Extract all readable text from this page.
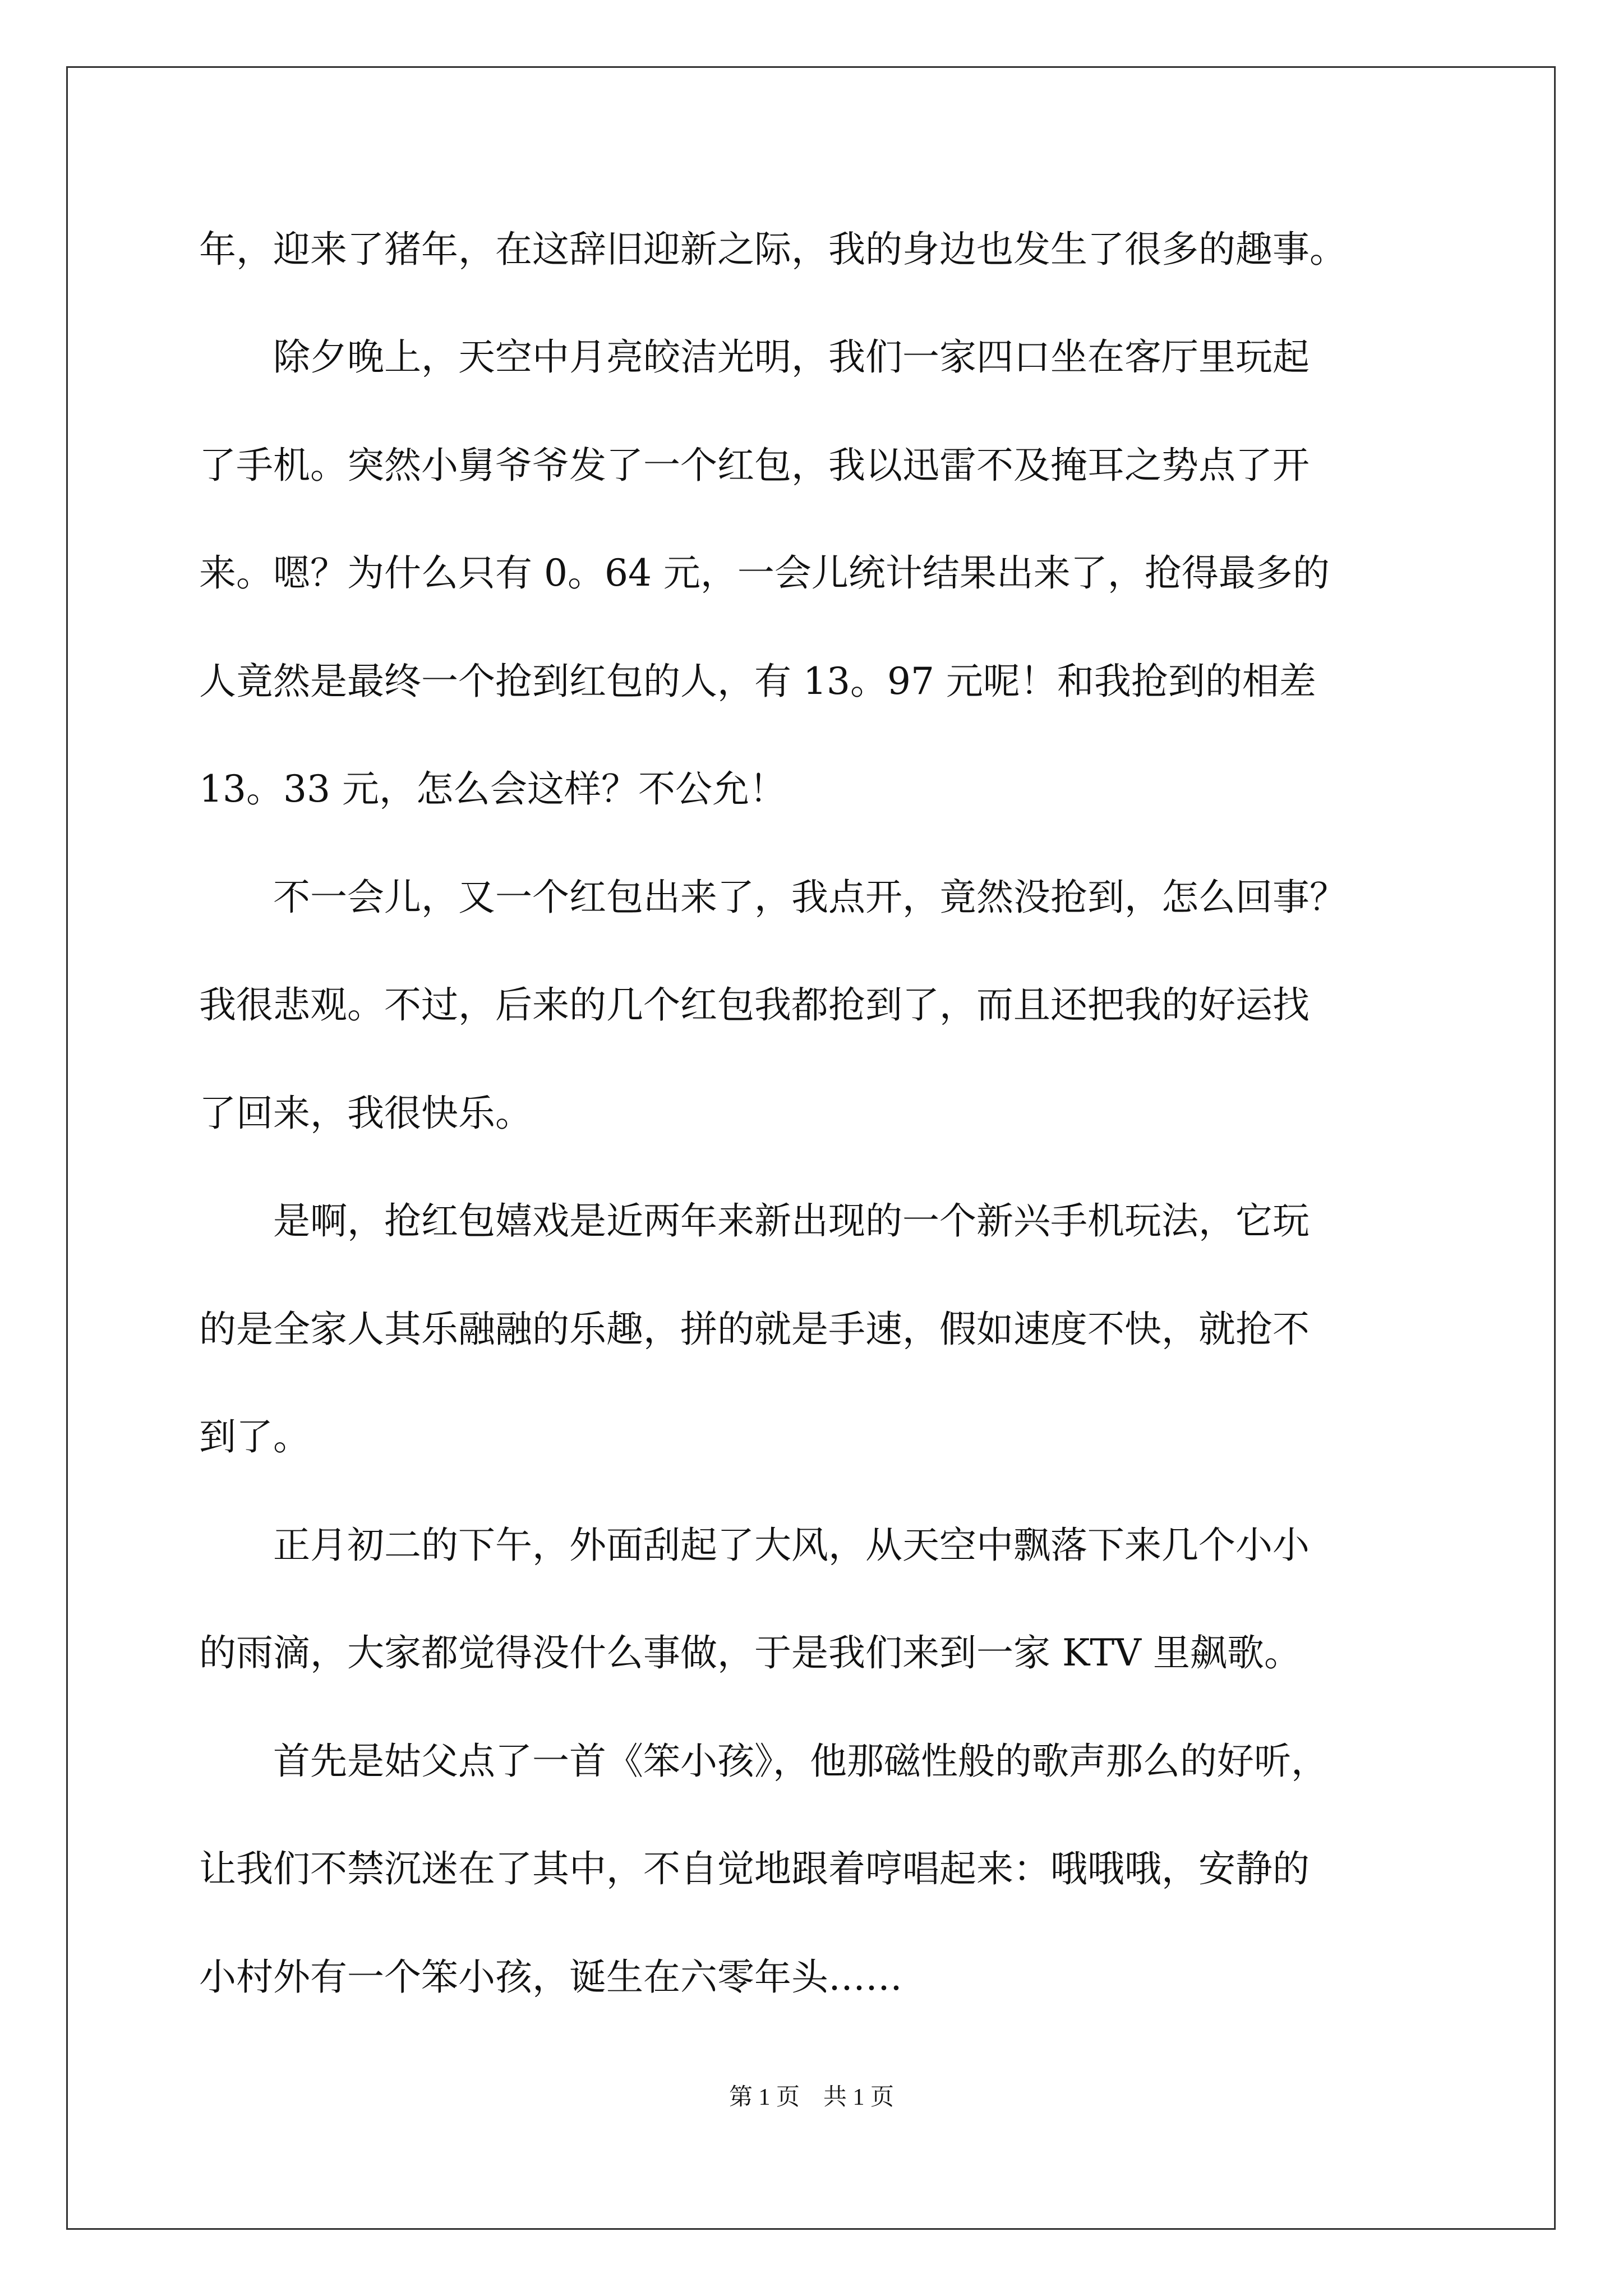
年，迎来了猪年，在这辞旧迎新之际，我的身边也发生了很多的趣事。
　　除夕晚上，天空中月亮皎洁光明，我们一家四口坐在客厅里玩起
了手机。突然小舅爷爷发了一个红包，我以迅雷不及掩耳之势点了开
来。嗯？为什么只有 0。64 元，一会儿统计结果出来了，抢得最多的
人竟然是最终一个抢到红包的人，有 13。97 元呢！和我抢到的相差
13。33 元，怎么会这样？不公允！
　　不一会儿，又一个红包出来了，我点开，竟然没抢到，怎么回事？
我很悲观。不过，后来的几个红包我都抢到了，而且还把我的好运找
了回来，我很快乐。
　　是啊，抢红包嬉戏是近两年来新出现的一个新兴手机玩法，它玩
的是全家人其乐融融的乐趣，拼的就是手速，假如速度不快，就抢不
到了。
　　正月初二的下午，外面刮起了大风，从天空中飘落下来几个小小
的雨滴，大家都觉得没什么事做，于是我们来到一家 KTV 里飙歌。
　　首先是姑父点了一首《笨小孩》，他那磁性般的歌声那么的好听，
让我们不禁沉迷在了其中，不自觉地跟着哼唱起来：哦哦哦，安静的
小村外有一个笨小孩，诞生在六零年头……
第 1 页　共 1 页
